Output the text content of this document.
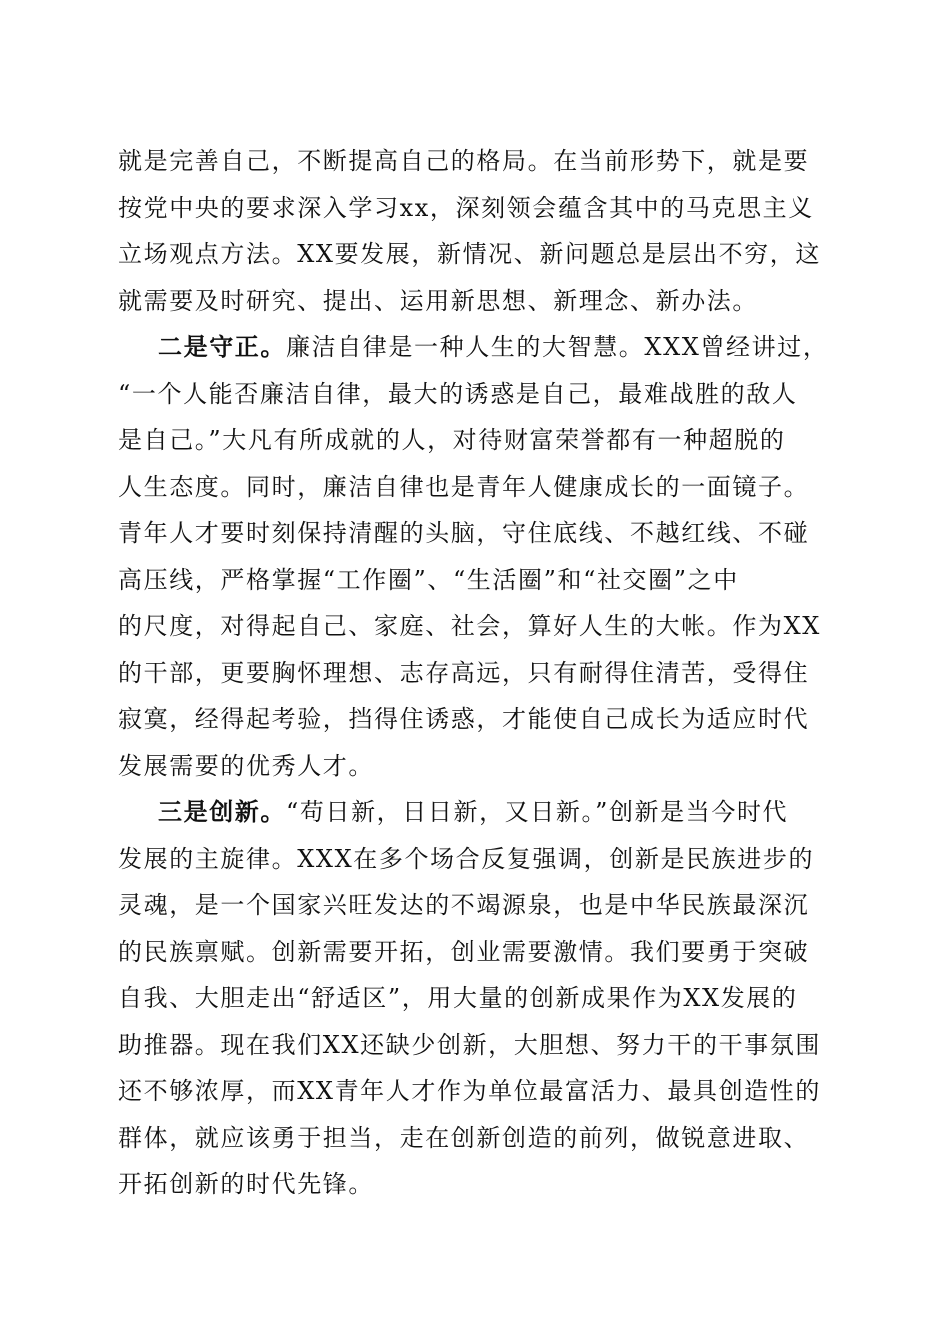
就是完善自己，不断提高自己的格局。在当前形势下，就是要
按党中央的要求深入学习xx，深刻领会蕴含其中的马克思主义
立场观点方法。XX要发展，新情况、新问题总是层出不穷，这
就需要及时研究、提出、运用新思想、新理念、新办法。
二是守正。廉洁自律是一种人生的大智慧。XXX曾经讲过，
“一个人能否廉洁自律，最大的诱惑是自己，最难战胜的敌人
是自己。”大凡有所成就的人，对待财富荣誉都有一种超脱的
人生态度。同时，廉洁自律也是青年人健康成长的一面镜子。
青年人才要时刻保持清醒的头脑，守住底线、不越红线、不碰
高压线，严格掌握“工作圈”、“生活圈”和“社交圈”之中
的尺度，对得起自己、家庭、社会，算好人生的大帐。作为XX
的干部，更要胸怀理想、志存高远，只有耐得住清苦，受得住
寂寞，经得起考验，挡得住诱惑，才能使自己成长为适应时代
发展需要的优秀人才。
三是创新。“苟日新，日日新，又日新。”创新是当今时代
发展的主旋律。XXX在多个场合反复强调，创新是民族进步的
灵魂，是一个国家兴旺发达的不竭源泉，也是中华民族最深沉
的民族禀赋。创新需要开拓，创业需要激情。我们要勇于突破
自我、大胆走出“舒适区”，用大量的创新成果作为XX发展的
助推器。现在我们XX还缺少创新，大胆想、努力干的干事氛围
还不够浓厚，而XX青年人才作为单位最富活力、最具创造性的
群体，就应该勇于担当，走在创新创造的前列，做锐意进取、
开拓创新的时代先锋。
